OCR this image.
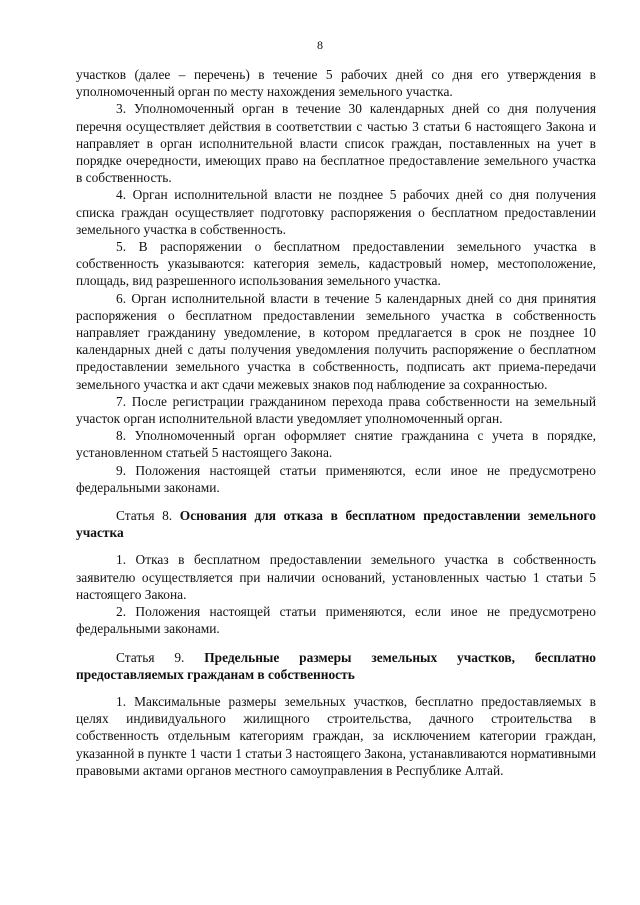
8

участков (далее – перечень) в течение 5 рабочих дней со дня его утверждения в уполномоченный орган по месту нахождения земельного участка.

3. Уполномоченный орган в течение 30 календарных дней со дня получения перечня осуществляет действия в соответствии с частью 3 статьи 6 настоящего Закона и направляет в орган исполнительной власти список граждан, поставленных на учет в порядке очередности, имеющих право на бесплатное предоставление земельного участка в собственность.

4. Орган исполнительной власти не позднее 5 рабочих дней со дня получения списка граждан осуществляет подготовку распоряжения о бесплатном предоставлении земельного участка в собственность.

5. В распоряжении о бесплатном предоставлении земельного участка в собственность указываются: категория земель, кадастровый номер, местоположение, площадь, вид разрешенного использования земельного участка.

6. Орган исполнительной власти в течение 5 календарных дней со дня принятия распоряжения о бесплатном предоставлении земельного участка в собственность направляет гражданину уведомление, в котором предлагается в срок не позднее 10 календарных дней с даты получения уведомления получить распоряжение о бесплатном предоставлении земельного участка в собственность, подписать акт приема-передачи земельного участка и акт сдачи межевых знаков под наблюдение за сохранностью.

7. После регистрации гражданином перехода права собственности на земельный участок орган исполнительной власти уведомляет уполномоченный орган.

8. Уполномоченный орган оформляет снятие гражданина с учета в порядке, установленном статьей 5 настоящего Закона.

9. Положения настоящей статьи применяются, если иное не предусмотрено федеральными законами.

Статья 8. Основания для отказа в бесплатном предоставлении земельного участка

1. Отказ в бесплатном предоставлении земельного участка в собственность заявителю осуществляется при наличии оснований, установленных частью 1 статьи 5 настоящего Закона.

2. Положения настоящей статьи применяются, если иное не предусмотрено федеральными законами.

Статья 9. Предельные размеры земельных участков, бесплатно предоставляемых гражданам в собственность

1. Максимальные размеры земельных участков, бесплатно предоставляемых в целях индивидуального жилищного строительства, дачного строительства в собственность отдельным категориям граждан, за исключением категории граждан, указанной в пункте 1 части 1 статьи 3 настоящего Закона, устанавливаются нормативными правовыми актами органов местного самоуправления в Республике Алтай.
